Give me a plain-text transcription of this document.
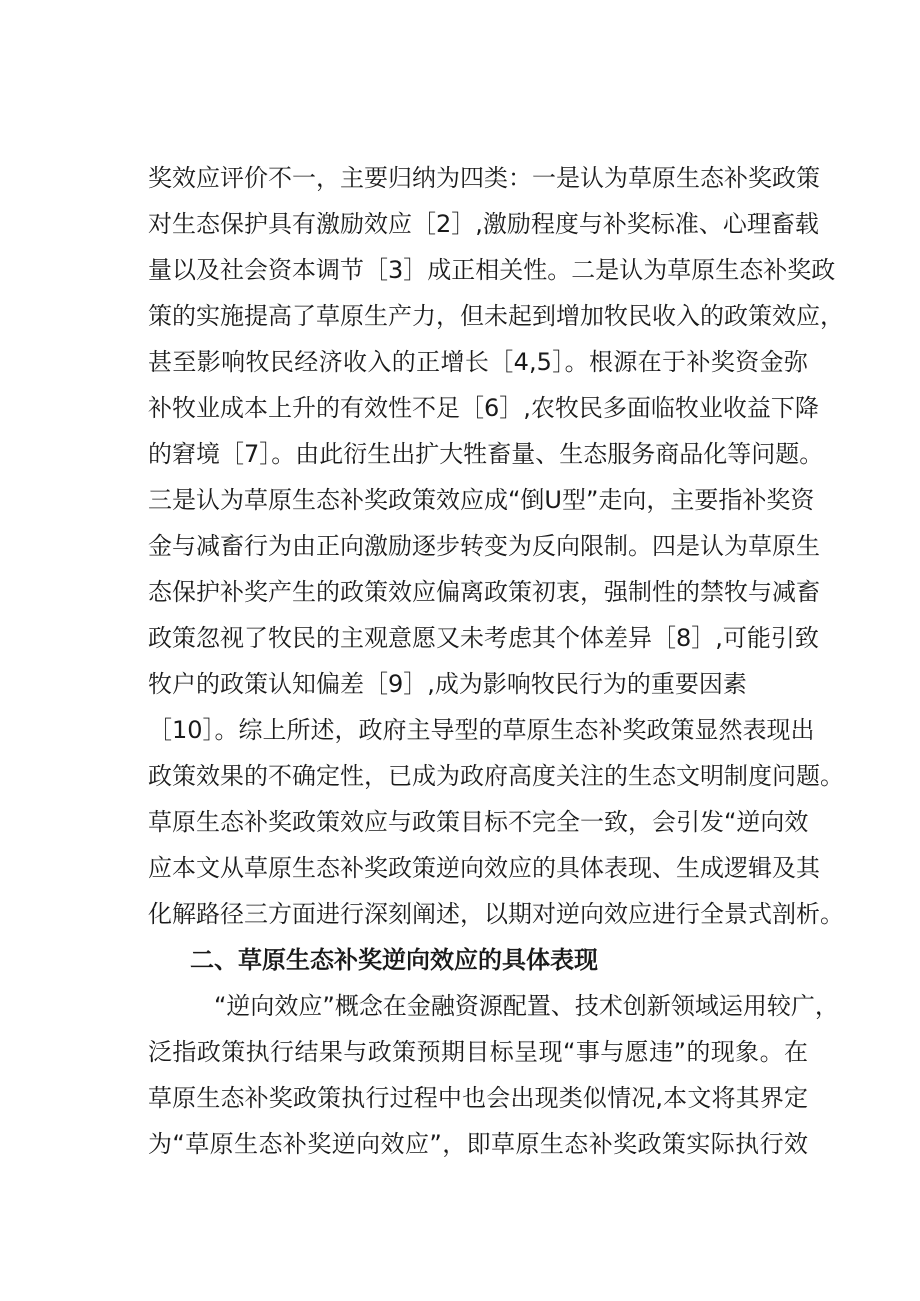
奖效应评价不一，主要归纳为四类：一是认为草原生态补奖政策
对生态保护具有激励效应［2］,激励程度与补奖标准、心理畜载
量以及社会资本调节［3］成正相关性。二是认为草原生态补奖政
策的实施提高了草原生产力，但未起到增加牧民收入的政策效应，
甚至影响牧民经济收入的正增长［4,5］。根源在于补奖资金弥
补牧业成本上升的有效性不足［6］,农牧民多面临牧业收益下降
的窘境［7］。由此衍生出扩大牲畜量、生态服务商品化等问题。
三是认为草原生态补奖政策效应成“倒U型”走向，主要指补奖资
金与减畜行为由正向激励逐步转变为反向限制。四是认为草原生
态保护补奖产生的政策效应偏离政策初衷，强制性的禁牧与减畜
政策忽视了牧民的主观意愿又未考虑其个体差异［8］,可能引致
牧户的政策认知偏差［9］,成为影响牧民行为的重要因素
［10］。综上所述，政府主导型的草原生态补奖政策显然表现出
政策效果的不确定性，已成为政府高度关注的生态文明制度问题。
草原生态补奖政策效应与政策目标不完全一致，会引发“逆向效
应本文从草原生态补奖政策逆向效应的具体表现、生成逻辑及其
化解路径三方面进行深刻阐述，以期对逆向效应进行全景式剖析。
二、草原生态补奖逆向效应的具体表现
“逆向效应”概念在金融资源配置、技术创新领域运用较广，
泛指政策执行结果与政策预期目标呈现“事与愿违”的现象。在
草原生态补奖政策执行过程中也会出现类似情况,本文将其界定
为“草原生态补奖逆向效应”，即草原生态补奖政策实际执行效
